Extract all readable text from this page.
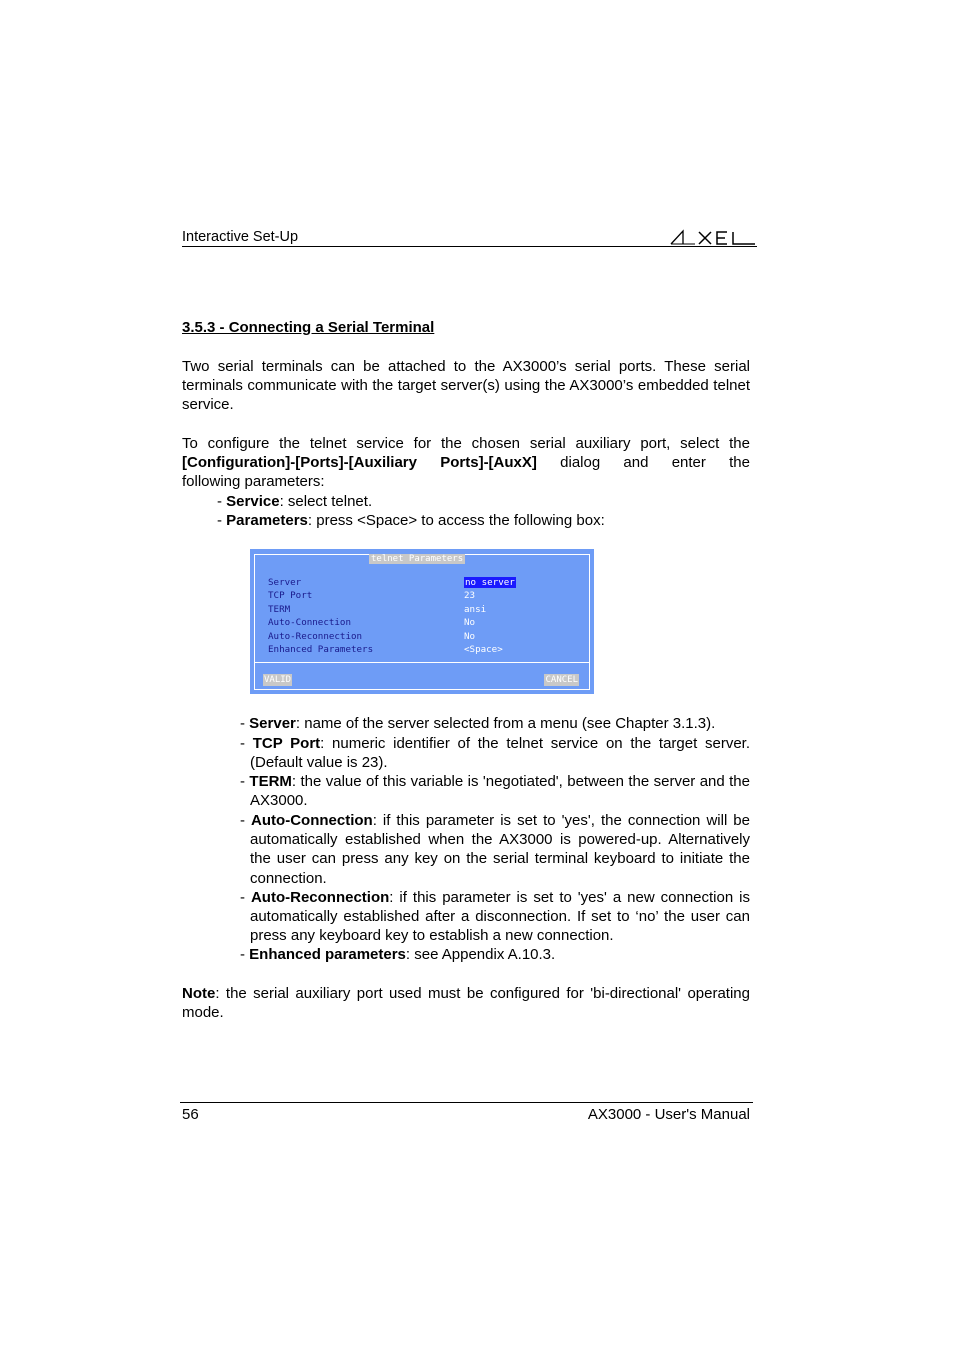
Interactive Set-Up
3.5.3 - Connecting a Serial Terminal
Two serial terminals can be attached to the AX3000’s serial ports. These serial terminals communicate with the target server(s) using the AX3000’s embedded telnet service.
To configure the telnet service for the chosen serial auxiliary port, select the
[Configuration]-[Ports]-[Auxiliary Ports]-[AuxX] dialog and enter the
following parameters:
- Service: select telnet.
- Parameters: press <Space> to access the following box:
telnet Parameters
Server	no server
TCP Port	23
TERM	ansi
Auto-Connection	No
Auto-Reconnection	No
Enhanced Parameters	<Space>
VALID	CANCEL
- Server: name of the server selected from a menu (see Chapter 3.1.3).
- TCP Port: numeric identifier of the telnet service on the target server. (Default value is 23).
- TERM: the value of this variable is 'negotiated', between the server and the AX3000.
- Auto-Connection: if this parameter is set to 'yes', the connection will be automatically established when the AX3000 is powered-up. Alternatively the user can press any key on the serial terminal keyboard to initiate the connection.
- Auto-Reconnection: if this parameter is set to 'yes' a new connection is automatically established after a disconnection. If set to ‘no’ the user can press any keyboard key to establish a new connection.
- Enhanced parameters: see Appendix A.10.3.
Note: the serial auxiliary port used must be configured for 'bi-directional' operating mode.
56	AX3000 - User's Manual
